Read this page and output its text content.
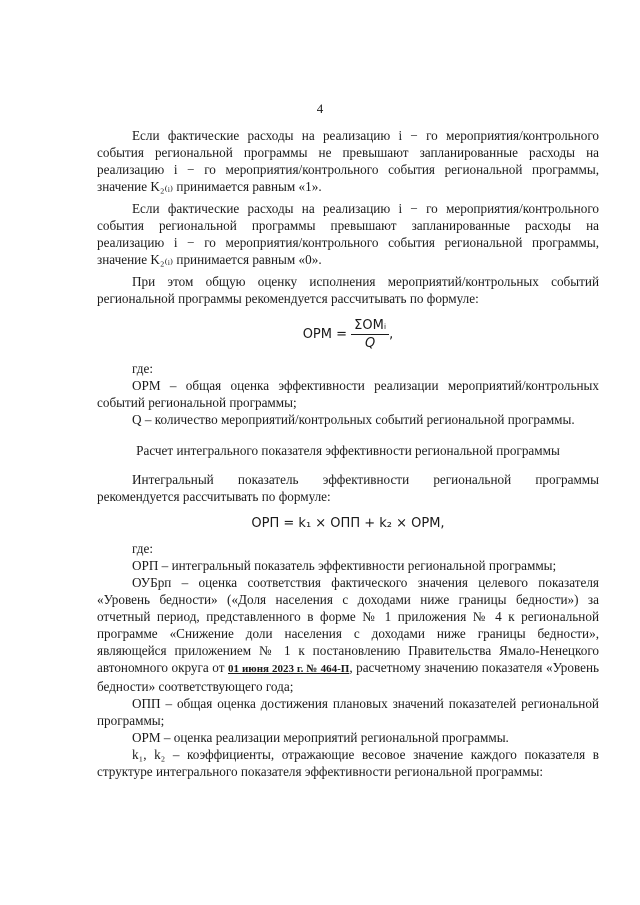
4

Если фактические расходы на реализацию i − го мероприятия/контрольного события региональной программы не превышают запланированные расходы на реализацию i − го мероприятия/контрольного события региональной программы, значение K₂₍ᵢ₎ принимается равным «1».

Если фактические расходы на реализацию i − го мероприятия/контрольного события региональной программы превышают запланированные расходы на реализацию i − го мероприятия/контрольного события региональной программы, значение K₂₍ᵢ₎ принимается равным «0».

При этом общую оценку исполнения мероприятий/контрольных событий региональной программы рекомендуется рассчитывать по формуле:

ОРМ = $\frac{\text{ΣОМᵢ}}{Q}$ ,

где:

ОРМ – общая оценка эффективности реализации мероприятий/контрольных событий региональной программы;

Q – количество мероприятий/контрольных событий региональной программы.

Расчет интегрального показателя эффективности региональной программы

Интегральный показатель эффективности региональной программы рекомендуется рассчитывать по формуле:

ОРП = k₁ × ОПП + k₂ × ОРМ,

где:

ОРП – интегральный показатель эффективности региональной программы;

ОУБрп – оценка соответствия фактического значения целевого показателя «Уровень бедности» («Доля населения с доходами ниже границы бедности») за отчетный период, представленного в форме № 1 приложения № 4 к региональной программе «Снижение доли населения с доходами ниже границы бедности», являющейся приложением № 1 к постановлению Правительства Ямало-Ненецкого автономного округа от 01 июня 2023 г. № 464-П, расчетному значению показателя «Уровень бедности» соответствующего года;

ОПП – общая оценка достижения плановых значений показателей региональной программы;

ОРМ – оценка реализации мероприятий региональной программы.

k₁, k₂ – коэффициенты, отражающие весовое значение каждого показателя в структуре интегрального показателя эффективности региональной программы:
